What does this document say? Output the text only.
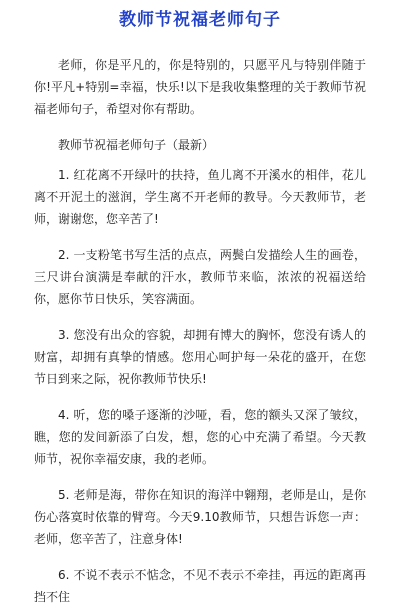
教师节祝福老师句子

老师，你是平凡的，你是特别的，只愿平凡与特别伴随于你!平凡+特别=幸福，快乐!以下是我收集整理的关于教师节祝福老师句子，希望对你有帮助。

教师节祝福老师句子（最新）

1. 红花离不开绿叶的扶持，鱼儿离不开溪水的相伴，花儿离不开泥土的滋润，学生离不开老师的教导。今天教师节，老师，谢谢您，您辛苦了!

2. 一支粉笔书写生活的点点，两鬓白发描绘人生的画卷，三尺讲台演满是奉献的汗水，教师节来临，浓浓的祝福送给你，愿你节日快乐，笑容满面。

3. 您没有出众的容貌，却拥有博大的胸怀，您没有诱人的财富，却拥有真挚的情感。您用心呵护每一朵花的盛开，在您节日到来之际，祝你教师节快乐!

4. 听，您的嗓子逐渐的沙哑，看，您的额头又深了皱纹，瞧，您的发间新添了白发，想，您的心中充满了希望。今天教师节，祝你幸福安康，我的老师。

5. 老师是海，带你在知识的海洋中翱翔，老师是山，是你伤心落寞时依靠的臂弯。今天9.10教师节，只想告诉您一声：老师，您辛苦了，注意身体!

6. 不说不表示不惦念，不见不表示不牵挂，再远的距离再挡不住
